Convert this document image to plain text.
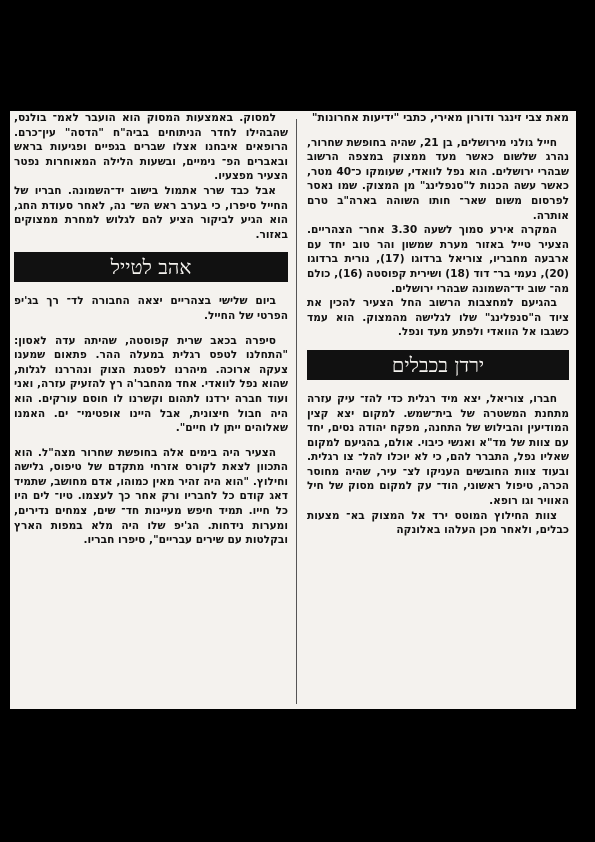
מאת צבי זינגר ודורון מאירי, כתבי "ידיעות אחרונות"

חייל גולני מירושלים, בן 21, שהיה בחופשת שחרור, נהרג שלשום כאשר מעד ממצוק במצפה הרשוב שבהרי ירושלים. הוא נפל לוואדי, שעומקו כ־40 מטר, כאשר עשה הכנות ל"סנפלינג" מן המצוק. שמו נאסר לפרסום משום שאר־ חותו השוהה בארה"ב טרם אותרה.

המקרה אירע סמוך לשעה 3.30 אחר־ הצהריים. הצעיר טייל באזור מערת שמשון והר טוב יחד עם ארבעה מחבריו, צוריאל ברדוגו (17), נורית ברדוגו (20), נעמי בר־ דוד (18) ושירית קפוסטה (16), כולם מה־ שוב יד־השמונה שבהרי ירושלים.

בהגיעם למחצבות הרשוב החל הצעיר להכין את ציוד ה"סנפלינג" שלו לגלישה מהמצוק. הוא עמד כשגבו אל הוואדי ולפתע מעד ונפל.

ירדן בכבלים

חברו, צוריאל, יצא מיד רגלית כדי להז־ עיק עזרה מתחנת המשטרה של בית־שמש. למקום יצא קצין המודיעין והבילוש של התחנה, מפקח יהודה נסים, יחד עם צוות של מד"א ואנשי כיבוי. אולם, בהגיעם למקום שאליו נפל, התברר להם, כי לא יוכלו להל־ צו רגלית. ובעוד צוות החובשים העניקו לצ־ עיר, שהיה מחוסר הכרה, טיפול ראשוני, הוד־ עק למקום מסוק של חיל האוויר וגו רופא.

צוות החילוץ המוטס ירד אל המצוק בא־ מצעות כבלים, ולאחר מכן העלהו באלונקה

למסוק. באמצעות המסוק הוא הועבר לאמ־ בולנס, שהבהילו לחדר הניתוחים בביה"ח "הדסה" עין־כרם. הרופאים איבחנו אצלו שברים בגפיים ופגיעות בראש ובאברים הפ־ נימיים, ובשעות הלילה המאוחרות נפטר הצעיר מפצעיו.

אבל כבד שרר אתמול בישוב יד־השמונה. חבריו של החייל סיפרו, כי בערב ראש הש־ נה, לאחר סעודת החג, הוא הגיע לביקור הציע להם לגלוש למחרת ממצוקים באזור.

אהב לטייל

ביום שלישי בצהריים יצאה החבורה לד־ רך בג'יפ הפרטי של החייל.

סיפרה בכאב שרית קפוסטה, שהיתה עדה לאסון: "התחלנו לטפס רגלית במעלה ההר. פתאום שמענו צעקה ארוכה. מיהרנו לפסגת הצוק ונהררנו לגלות, שהוא נפל לוואדי. אחד מהחבר'ה רץ להזעיק עזרה, ואני ועוד חברה ירדנו לתהום וקשרנו לו חוסם עורקים. הוא היה חבול חיצונית, אבל היינו אופטימי־ ים. האמנו שאלוהים ייתן לו חיים".

הצעיר היה בימים אלה בחופשת שחרור מצה"ל. הוא התכוון לצאת לקורס אזרחי מתקדם של טיפוס, גלישה וחילוץ. "הוא היה זהיר מאין כמוהו, אדם מחושב, שתמיד דאג קודם כל לחבריו ורק אחר כך לעצמו. טיו־ לים היו כל חייו. תמיד חיפש מעיינות חד־ שים, צמחים נדירים, ומערות נידחות. הג'יפ שלו היה מלא במפות הארץ ובקלטות עם שירים עבריים", סיפרו חבריו.
